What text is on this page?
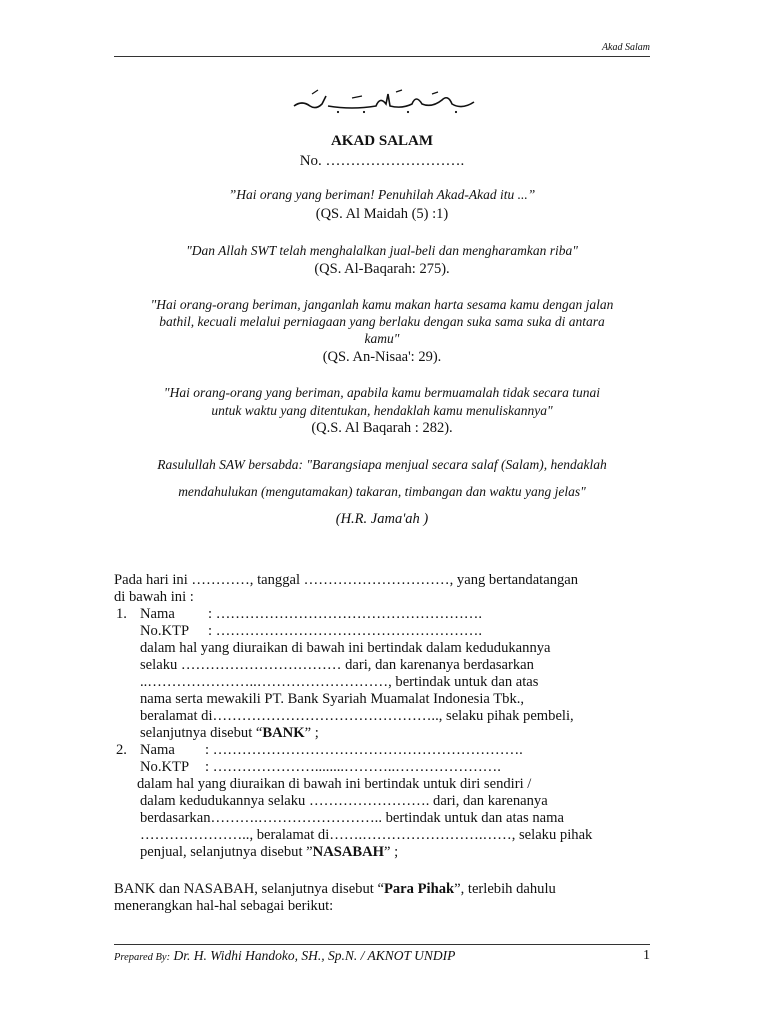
Akad Salam
AKAD SALAM
No. ……………………….
”Hai orang yang beriman! Penuhilah Akad-Akad itu ...”
(QS. Al Maidah (5) :1)
"Dan Allah SWT telah menghalalkan jual-beli dan mengharamkan riba"
(QS. Al-Baqarah: 275).
"Hai orang-orang beriman, janganlah kamu makan harta sesama kamu dengan jalan
bathil, kecuali melalui perniagaan yang berlaku dengan suka sama suka di antara
kamu"
(QS. An-Nisaa': 29).
"Hai orang-orang yang beriman, apabila kamu bermuamalah tidak secara tunai
untuk waktu yang ditentukan, hendaklah kamu menuliskannya"
(Q.S. Al Baqarah : 282).
Rasulullah SAW bersabda: "Barangsiapa menjual secara salaf (Salam), hendaklah
mendahulukan (mengutamakan) takaran, timbangan dan waktu yang jelas"
(H.R. Jama'ah )
Pada hari ini …………, tanggal …………………………, yang bertandatangan
di bawah ini :
1. Nama : ……………………………………………….
No.KTP : ……………………………………………….
dalam hal yang diuraikan di bawah ini bertindak dalam kedudukannya
selaku …………………………… dari, dan karenanya berdasarkan
..…………………..………………………, bertindak untuk dan atas
nama serta mewakili PT. Bank Syariah Muamalat Indonesia Tbk.,
beralamat di……………………………………….., selaku pihak pembeli,
selanjutnya disebut “BANK” ;
2. Nama : ……………………………………………………….
No.KTP : …………………........………..………………….
dalam hal yang diuraikan di bawah ini bertindak untuk diri sendiri /
dalam kedudukannya selaku ……………………. dari, dan karenanya
berdasarkan……….…………………….. bertindak untuk dan atas nama
………………….., beralamat di…….…………………….……, selaku pihak
penjual, selanjutnya disebut ”NASABAH” ;
BANK dan NASABAH, selanjutnya disebut “Para Pihak”, terlebih dahulu
menerangkan hal-hal sebagai berikut:
Prepared By: Dr. H. Widhi Handoko, SH., Sp.N. / AKNOT UNDIP	1
